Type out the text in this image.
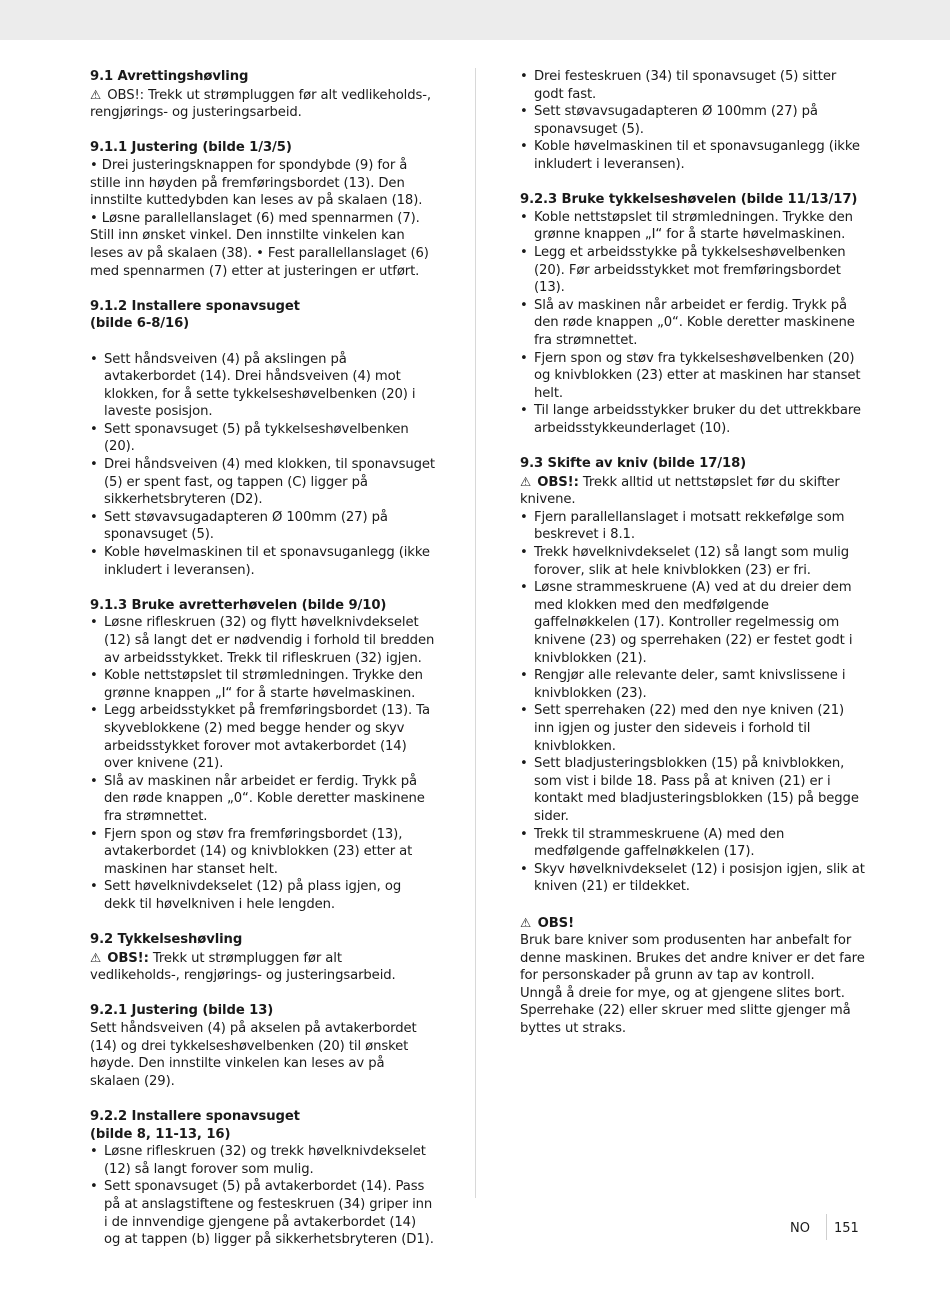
9.1 Avrettingshøvling

⚠ OBS!: Trekk ut strømpluggen før alt vedlikeholds-, rengjørings- og justeringsarbeid.

9.1.1 Justering (bilde 1/3/5)

• Drei justeringsknappen for spondybde (9) for å stille inn høyden på fremføringsbordet (13). Den innstilte kuttedybden kan leses av på skalaen (18).

• Løsne parallellanslaget (6) med spennarmen (7). Still inn ønsket vinkel. Den innstilte vinkelen kan leses av på skalaen (38). • Fest parallellanslaget (6) med spennarmen (7) etter at justeringen er utført.

9.1.2 Installere sponavsuget

(bilde 6-8/16)

• Sett håndsveiven (4) på akslingen på avtakerbordet (14). Drei håndsveiven (4) mot klokken, for å sette tykkelseshøvelbenken (20) i laveste posisjon.
• Sett sponavsuget (5) på tykkelseshøvelbenken (20).
• Drei håndsveiven (4) med klokken, til sponavsuget (5) er spent fast, og tappen (C) ligger på sikkerhetsbryteren (D2).
• Sett støvavsugadapteren Ø 100mm (27) på sponavsuget (5).
• Koble høvelmaskinen til et sponavsuganlegg (ikke inkludert i leveransen).

9.1.3 Bruke avretterhøvelen (bilde 9/10)

• Løsne rifleskruen (32) og flytt høvelknivdekselet (12) så langt det er nødvendig i forhold til bredden av arbeidsstykket. Trekk til rifleskruen (32) igjen.
• Koble nettstøpslet til strømledningen. Trykke den grønne knappen „I“ for å starte høvelmaskinen.
• Legg arbeidsstykket på fremføringsbordet (13). Ta skyveblokkene (2) med begge hender og skyv arbeidsstykket forover mot avtakerbordet (14) over knivene (21).
• Slå av maskinen når arbeidet er ferdig. Trykk på den røde knappen „0“. Koble deretter maskinene fra strømnettet.
• Fjern spon og støv fra fremføringsbordet (13), avtakerbordet (14) og knivblokken (23) etter at maskinen har stanset helt.
• Sett høvelknivdekselet (12) på plass igjen, og dekk til høvelkniven i hele lengden.

9.2 Tykkelseshøvling

⚠ OBS!: Trekk ut strømpluggen før alt vedlikeholds-, rengjørings- og justeringsarbeid.

9.2.1 Justering (bilde 13)

Sett håndsveiven (4) på akselen på avtakerbordet (14) og drei tykkelseshøvelbenken (20) til ønsket høyde. Den innstilte vinkelen kan leses av på skalaen (29).

9.2.2 Installere sponavsuget

(bilde 8, 11-13, 16)

• Løsne rifleskruen (32) og trekk høvelknivdekselet (12) så langt forover som mulig.
• Sett sponavsuget (5) på avtakerbordet (14). Pass på at anslagstiftene og festeskruen (34) griper inn i de innvendige gjengene på avtakerbordet (14) og at tappen (b) ligger på sikkerhetsbryteren (D1).
• Drei festeskruen (34) til sponavsuget (5) sitter godt fast.
• Sett støvavsugadapteren Ø 100mm (27) på sponavsuget (5).
• Koble høvelmaskinen til et sponavsuganlegg (ikke inkludert i leveransen).

9.2.3 Bruke tykkelseshøvelen (bilde 11/13/17)

• Koble nettstøpslet til strømledningen. Trykke den grønne knappen „I“ for å starte høvelmaskinen.
• Legg et arbeidsstykke på tykkelseshøvelbenken (20). Før arbeidsstykket mot fremføringsbordet (13).
• Slå av maskinen når arbeidet er ferdig. Trykk på den røde knappen „0“. Koble deretter maskinene fra strømnettet.
• Fjern spon og støv fra tykkelseshøvelbenken (20) og knivblokken (23) etter at maskinen har stanset helt.
• Til lange arbeidsstykker bruker du det uttrekkbare arbeidsstykkeunderlaget (10).

9.3 Skifte av kniv (bilde 17/18)

⚠ OBS!: Trekk alltid ut nettstøpslet før du skifter knivene.

• Fjern parallellanslaget i motsatt rekkefølge som beskrevet i 8.1.
• Trekk høvelknivdekselet (12) så langt som mulig forover, slik at hele knivblokken (23) er fri.
• Løsne strammeskruene (A) ved at du dreier dem med klokken med den medfølgende gaffelnøkkelen (17). Kontroller regelmessig om knivene (23) og sperrehaken (22) er festet godt i knivblokken (21).
• Rengjør alle relevante deler, samt knivslissene i knivblokken (23).
• Sett sperrehaken (22) med den nye kniven (21) inn igjen og juster den sideveis i forhold til knivblokken.
• Sett bladjusteringsblokken (15) på knivblokken, som vist i bilde 18. Pass på at kniven (21) er i kontakt med bladjusteringsblokken (15) på begge sider.
• Trekk til strammeskruene (A) med den medfølgende gaffelnøkkelen (17).
• Skyv høvelknivdekselet (12) i posisjon igjen, slik at kniven (21) er tildekket.

⚠ OBS!

Bruk bare kniver som produsenten har anbefalt for denne maskinen. Brukes det andre kniver er det fare for personskader på grunn av tap av kontroll.

Unngå å dreie for mye, og at gjengene slites bort. Sperrehake (22) eller skruer med slitte gjenger må byttes ut straks.

NO 151
